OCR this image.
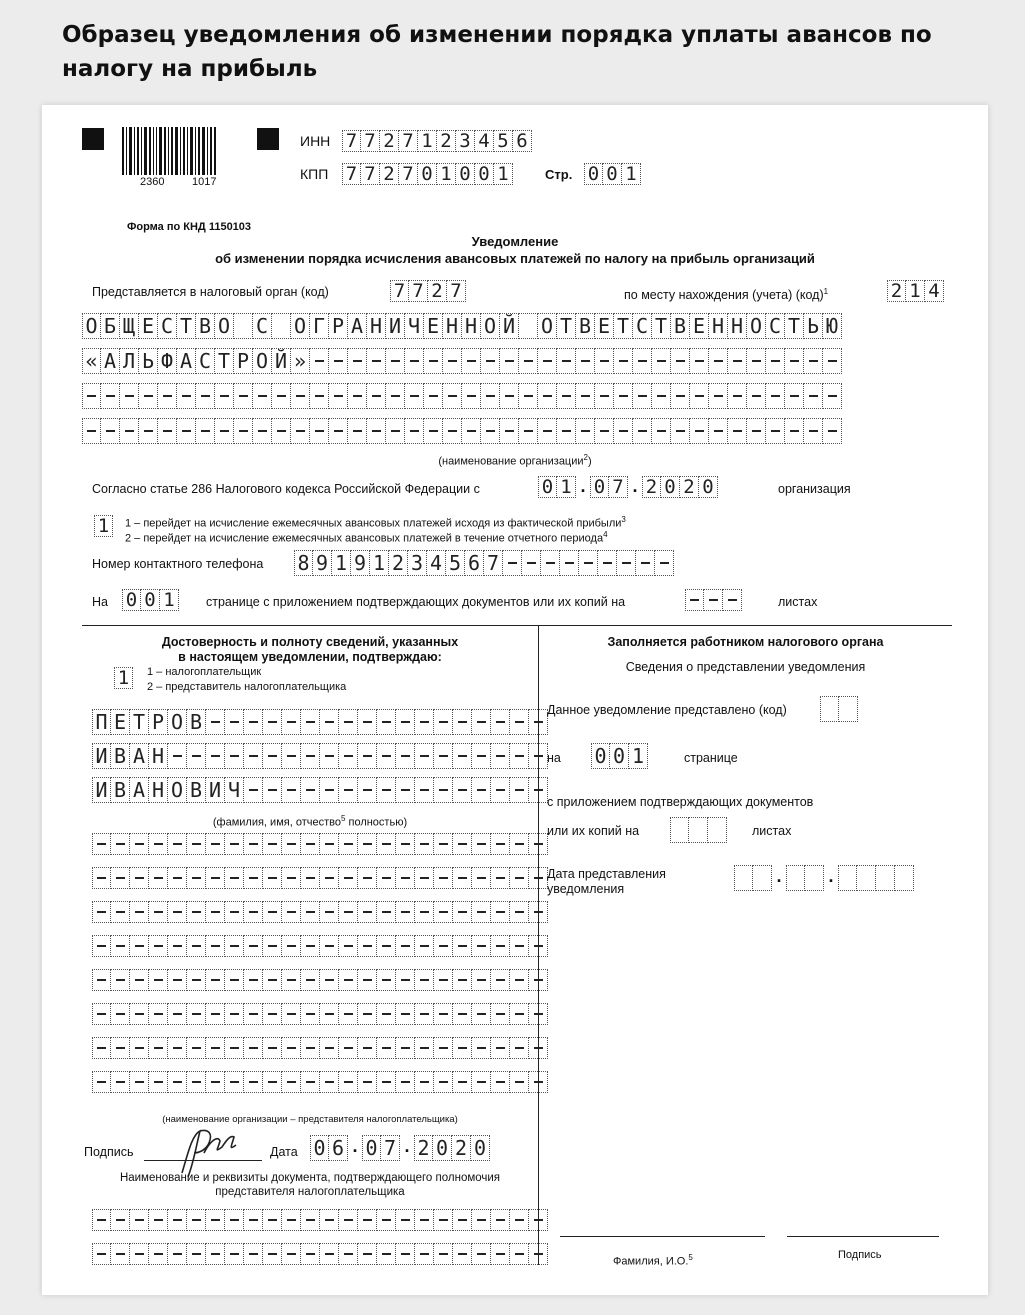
Образец уведомления об изменении порядка уплаты авансов по налогу на прибыль
2360	1017
ИНН 7 7 2 7 1 2 3 4 5 6
КПП 7 7 2 7 0 1 0 0 1	Стр. 0 0 1
Форма по КНД 1150103
Уведомление
об изменении порядка исчисления авансовых платежей по налогу на прибыль организаций
Представляется в налоговый орган (код)	7 7 2 7	по месту нахождения (учета) (код)$^1$	2 1 4
О Б Щ Е С Т В О С О Г Р А Н И Ч Е Н Н О Й О Т В Е Т С Т В Е Н Н О С Т Ь Ю
« А Л Ь Ф А С Т Р О Й »
(наименование организации$^2$)
Согласно статье 286 Налогового кодекса Российской Федерации с	0 1 . 0 7 . 2 0 2 0	организация
1	1 – перейдет на исчисление ежемесячных авансовых платежей исходя из фактической прибыли$^3$
2 – перейдет на исчисление ежемесячных авансовых платежей в течение отчетного периода$^4$
Номер контактного телефона 8 9 1 9 1 2 3 4 5 6 7
На 0 0 1	странице с приложением подтверждающих документов или их копий на	листах
Достоверность и полноту сведений, указанных
в настоящем уведомлении, подтверждаю:
1	1 – налогоплательщик
2 – представитель налогоплательщика
П Е Т Р О В
И В А Н
И В А Н О В И Ч
(фамилия, имя, отчество$^5$ полностью)
(наименование организации – представителя налогоплательщика)
Подпись	Дата 0 6 . 0 7 . 2 0 2 0
Наименование и реквизиты документа, подтверждающего полномочия
представителя налогоплательщика
Заполняется работником налогового органа
Сведения о представлении уведомления
Данное уведомление представлено (код)
на 0 0 1	странице
с приложением подтверждающих документов
или их копий на	листах
Дата представления
уведомления
.	.
Фамилия, И.О.$^5$	Подпись
